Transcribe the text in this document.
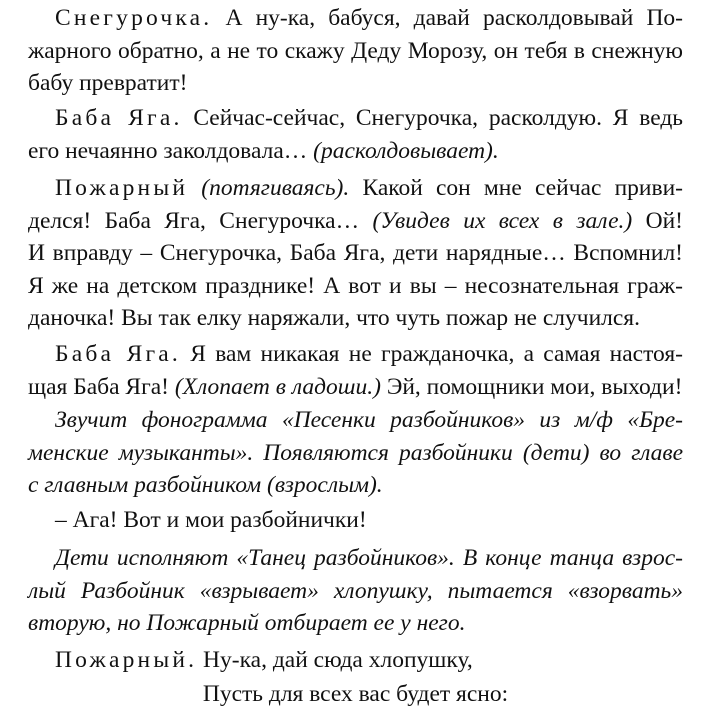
Снегурочка. А ну-ка, бабуся, давай расколдовывай По-
жарного обратно, а не то скажу Деду Морозу, он тебя в снежную
бабу превратит!

Баба Яга. Сейчас-сейчас, Снегурочка, расколдую. Я ведь
его нечаянно заколдовала… (расколдовывает).

Пожарный (потягиваясь). Какой сон мне сейчас приви-
делся! Баба Яга, Снегурочка… (Увидев их всех в зале.) Ой!
И вправду – Снегурочка, Баба Яга, дети нарядные… Вспомнил!
Я же на детском празднике! А вот и вы – несознательная граж-
даночка! Вы так елку наряжали, что чуть пожар не случился.

Баба Яга. Я вам никакая не гражданочка, а самая настоя-
щая Баба Яга! (Хлопает в ладоши.) Эй, помощники мои, выходи!

Звучит фонограмма «Песенки разбойников» из м/ф «Бре-
менские музыканты». Появляются разбойники (дети) во главе
с главным разбойником (взрослым).

– Ага! Вот и мои разбойнички!

Дети исполняют «Танец разбойников». В конце танца взрос-
лый Разбойник «взрывает» хлопушку, пытается «взорвать»
вторую, но Пожарный отбирает ее у него.

Пожарный. Ну-ка, дай сюда хлопушку,

Пусть для всех вас будет ясно:
